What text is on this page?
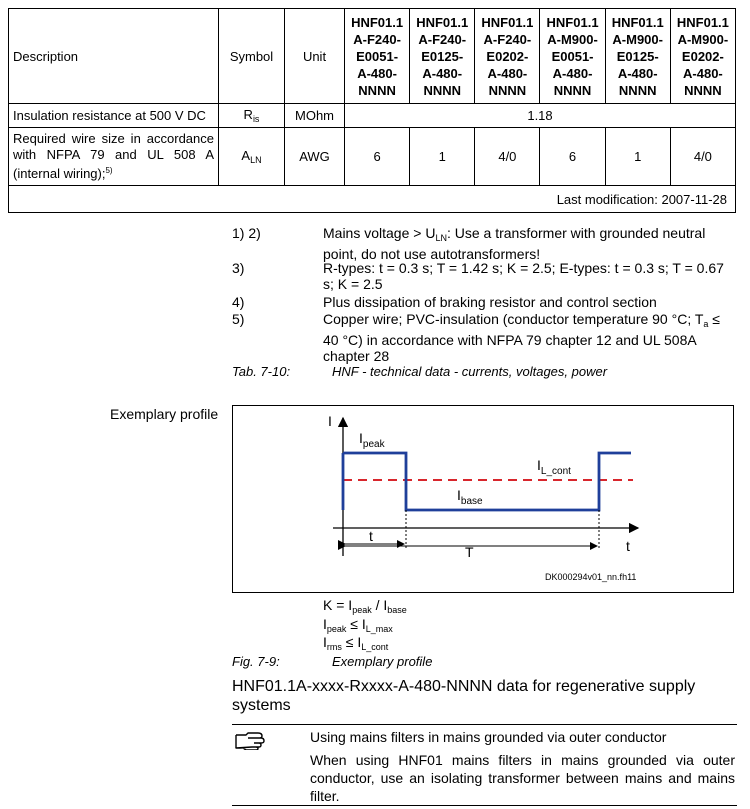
Description	Symbol	Unit	HNF01.1
A-F240-
E0051-
A-480-
NNNN	HNF01.1
A-F240-
E0125-
A-480-
NNNN	HNF01.1
A-F240-
E0202-
A-480-
NNNN	HNF01.1
A-M900-
E0051-
A-480-
NNNN	HNF01.1
A-M900-
E0125-
A-480-
NNNN	HNF01.1
A-M900-
E0202-
A-480-
NNNN
Insulation resistance at 500 V DC	$R_{is}$	MOhm	1.18					
Required wire size in accordance with NFPA 79 and UL 508 A (internal wiring);$^{5)}$	$A_{LN}$	AWG	6	1	4/0	6	1	4/0
Last modification: 2007-11-28								
1) 2)	Mains voltage > $U_{LN}$: Use a transformer with grounded neutral point, do not use autotransformers!
3)	R-types: t = 0.3 s; T = 1.42 s; K = 2.5; E-types: t = 0.3 s; T = 0.67 s; K = 2.5
4)	Plus dissipation of braking resistor and control section
5)	Copper wire; PVC-insulation (conductor temperature 90 °C; $T_a \le 40$ °C) in accordance with NFPA 79 chapter 12 and UL 508A chapter 28
Tab. 7-10:	HNF - technical data - currents, voltages, power
Exemplary profile	I
t
$I_{peak}$
$I_{L\_cont}$
$I_{base}$
t
T
DK000294v01_nn.fh11
$K = I_{peak} / I_{base}$
$I_{peak} \le I_{L\_max}$
$I_{rms} \le I_{L\_cont}$
Fig. 7-9:	Exemplary profile
HNF01.1A-xxxx-Rxxxx-A-480-NNNN data for regenerative supply systems
Using mains filters in mains grounded via outer conductor
When using HNF01 mains filters in mains grounded via outer conductor, use an isolating transformer between mains and mains filter.
